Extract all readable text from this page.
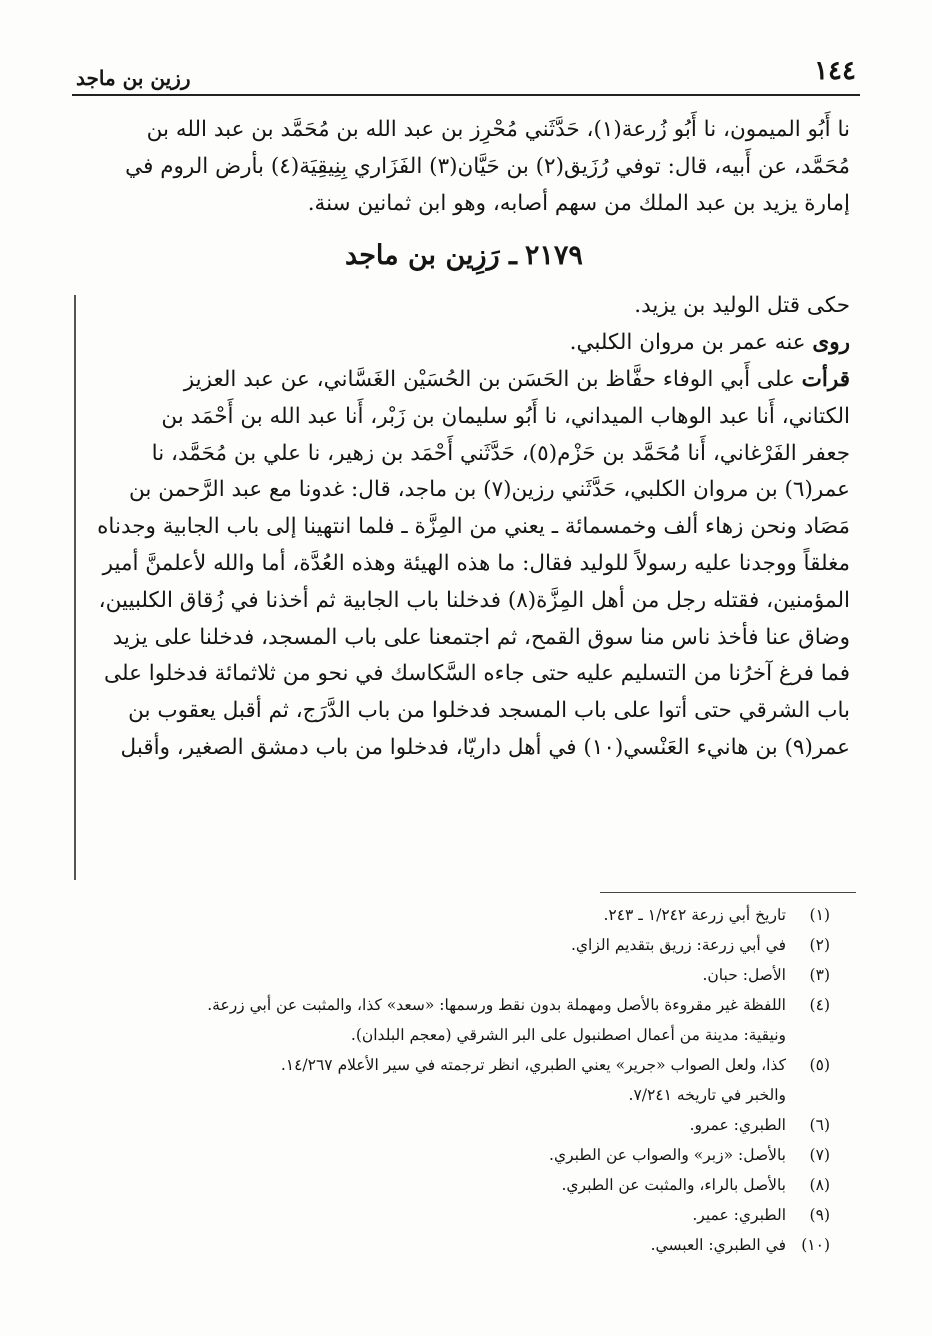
١٤٤
رزين بن ماجد

نا أَبُو الميمون، نا أَبُو زُرعة(١)، حَدَّثَني مُحْرِز بن عبد الله بن مُحَمَّد بن عبد الله بن
مُحَمَّد، عن أَبيه، قال: توفي رُزَيق(٢) بن حَيَّان(٣) الفَزَاري بِنِيقِيَة(٤) بأرض الروم في
إمارة يزيد بن عبد الملك من سهم أصابه، وهو ابن ثمانين سنة.

٢١٧٩ـ رَزِين بن ماجد

حكى قتل الوليد بن يزيد.

روى عنه عمر بن مروان الكلبي.

قرأت على أَبي الوفاء حفَّاظ بن الحَسَن بن الحُسَيْن الغَسَّاني، عن عبد العزيز
الكتاني، أَنا عبد الوهاب الميداني، نا أَبُو سليمان بن زَبْر، أَنا عبد الله بن أَحْمَد بن
جعفر الفَرْغاني، أَنا مُحَمَّد بن حَزْم(٥)، حَدَّثَني أَحْمَد بن زهير، نا علي بن مُحَمَّد، نا
عمر(٦) بن مروان الكلبي، حَدَّثَني رزين(٧) بن ماجد، قال: غدونا مع عبد الرَّحمن بن
مَصَاد ونحن زهاء ألف وخمسمائة ـ يعني من المِزَّة ـ فلما انتهينا إلى باب الجابية وجدناه
مغلقاً ووجدنا عليه رسولاً للوليد فقال: ما هذه الهيئة وهذه العُدَّة، أما والله لأعلمنَّ أمير
المؤمنين، فقتله رجل من أهل المِزَّة(٨) فدخلنا باب الجابية ثم أخذنا في زُقاق الكلبيين،
وضاق عنا فأخذ ناس منا سوق القمح، ثم اجتمعنا على باب المسجد، فدخلنا على يزيد
فما فرغ آخرُنا من التسليم عليه حتى جاءه السَّكاسك في نحو من ثلاثمائة فدخلوا على
باب الشرقي حتى أتوا على باب المسجد فدخلوا من باب الدَّرَج، ثم أقبل يعقوب بن
عمر(٩) بن هانيء العَنْسي(١٠) في أهل داريّا، فدخلوا من باب دمشق الصغير، وأقبل

(١)
تاريخ أبي زرعة ١/٢٤٢ ـ ٢٤٣.
(٢)
في أبي زرعة: زريق بتقديم الزاي.
(٣)
الأصل: حبان.
(٤)
اللفظة غير مقروءة بالأصل ومهملة بدون نقط ورسمها: «سعد» كذا، والمثبت عن أبي زرعة.
ونيقية: مدينة من أعمال اصطنبول على البر الشرقي (معجم البلدان).
(٥)
كذا، ولعل الصواب «جرير» يعني الطبري، انظر ترجمته في سير الأعلام ١٤/٢٦٧.
والخبر في تاريخه ٧/٢٤١.
(٦)
الطبري: عمرو.
(٧)
بالأصل: «زبر» والصواب عن الطبري.
(٨)
بالأصل بالراء، والمثبت عن الطبري.
(٩)
الطبري: عمير.
(١٠)
في الطبري: العبسي.
